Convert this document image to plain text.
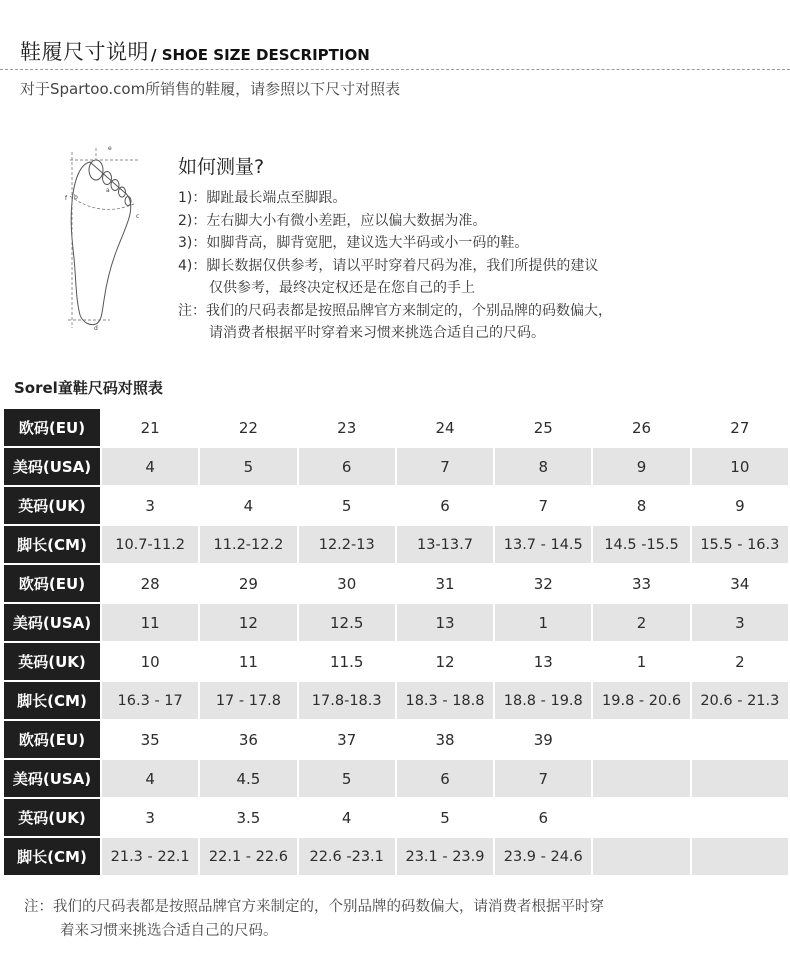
鞋履尺寸说明 / SHOE SIZE DESCRIPTION
对于Spartoo.com所销售的鞋履，请参照以下尺寸对照表
e
f b
a
c
d
如何测量?
1)：脚趾最长端点至脚跟。
2)：左右脚大小有微小差距，应以偏大数据为准。
3)：如脚背高，脚背宽肥，建议选大半码或小一码的鞋。
4)：脚长数据仅供参考，请以平时穿着尺码为准，我们所提供的建议
仅供参考，最终决定权还是在您自己的手上
注：我们的尺码表都是按照品牌官方来制定的，个别品牌的码数偏大，
请消费者根据平时穿着来习惯来挑选合适自己的尺码。
Sorel童鞋尺码对照表
欧码(EU)	21	22	23	24	25	26	27
美码(USA)	4	5	6	7	8	9	10
英码(UK)	3	4	5	6	7	8	9
脚长(CM)	10.7-11.2	11.2-12.2	12.2-13	13-13.7	13.7 - 14.5	14.5 -15.5	15.5 - 16.3
欧码(EU)	28	29	30	31	32	33	34
美码(USA)	11	12	12.5	13	1	2	3
英码(UK)	10	11	11.5	12	13	1	2
脚长(CM)	16.3 - 17	17 - 17.8	17.8-18.3	18.3 - 18.8	18.8 - 19.8	19.8 - 20.6	20.6 - 21.3
欧码(EU)	35	36	37	38	39		
美码(USA)	4	4.5	5	6	7		
英码(UK)	3	3.5	4	5	6		
脚长(CM)	21.3 - 22.1	22.1 - 22.6	22.6 -23.1	23.1 - 23.9	23.9 - 24.6		
注：我们的尺码表都是按照品牌官方来制定的，个别品牌的码数偏大，请消费者根据平时穿
着来习惯来挑选合适自己的尺码。
